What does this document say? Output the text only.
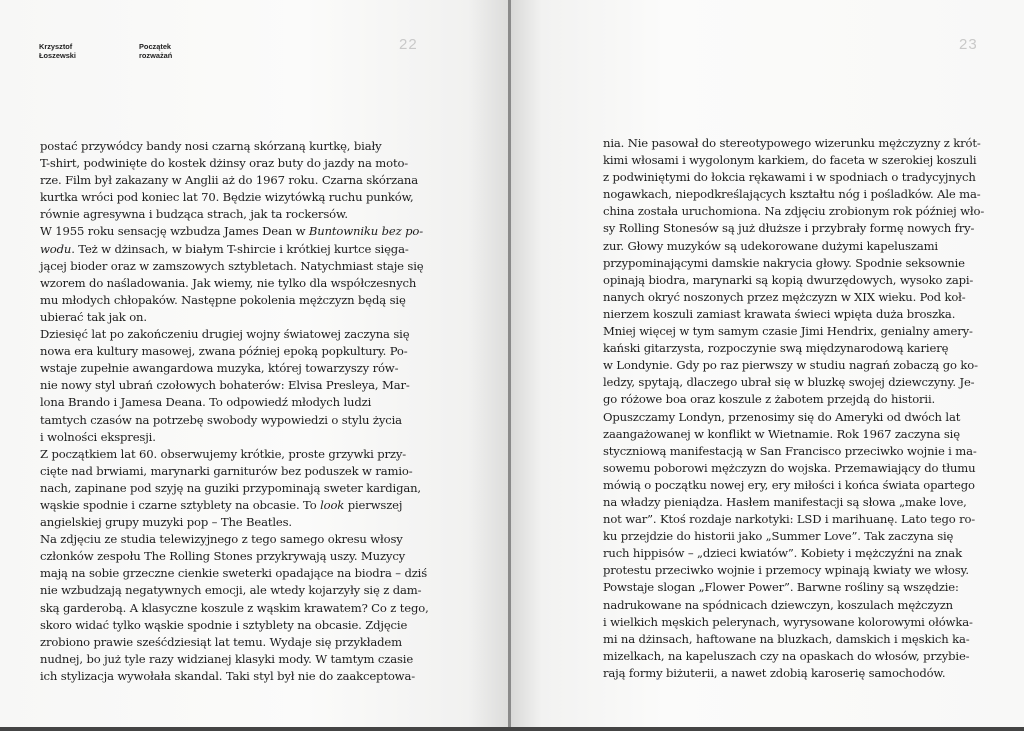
Krzysztof
Łoszewski
Początek
rozważań
22
postać przywódcy bandy nosi czarną skórzaną kurtkę, biały
T-shirt, podwinięte do kostek dżinsy oraz buty do jazdy na moto-
rze. Film był zakazany w Anglii aż do 1967 roku. Czarna skórzana
kurtka wróci pod koniec lat 70. Będzie wizytówką ruchu punków,
równie agresywna i budząca strach, jak ta rockersów.
W 1955 roku sensację wzbudza James Dean w Buntowniku bez po-
wodu. Też w dżinsach, w białym T-shircie i krótkiej kurtce sięga-
jącej bioder oraz w zamszowych sztybletach. Natychmiast staje się
wzorem do naśladowania. Jak wiemy, nie tylko dla współczesnych
mu młodych chłopaków. Następne pokolenia mężczyzn będą się
ubierać tak jak on.
Dziesięć lat po zakończeniu drugiej wojny światowej zaczyna się
nowa era kultury masowej, zwana później epoką popkultury. Po-
wstaje zupełnie awangardowa muzyka, której towarzyszy rów-
nie nowy styl ubrań czołowych bohaterów: Elvisa Presleya, Mar-
lona Brando i Jamesa Deana. To odpowiedź młodych ludzi
tamtych czasów na potrzebę swobody wypowiedzi o stylu życia
i wolności ekspresji.
Z początkiem lat 60. obserwujemy krótkie, proste grzywki przy-
cięte nad brwiami, marynarki garniturów bez poduszek w ramio-
nach, zapinane pod szyję na guziki przypominają sweter kardigan,
wąskie spodnie i czarne sztyblety na obcasie. To look pierwszej
angielskiej grupy muzyki pop – The Beatles.
Na zdjęciu ze studia telewizyjnego z tego samego okresu włosy
członków zespołu The Rolling Stones przykrywają uszy. Muzycy
mają na sobie grzeczne cienkie sweterki opadające na biodra – dziś
nie wzbudzają negatywnych emocji, ale wtedy kojarzyły się z dam-
ską garderobą. A klasyczne koszule z wąskim krawatem? Co z tego,
skoro widać tylko wąskie spodnie i sztyblety na obcasie. Zdjęcie
zrobiono prawie sześćdziesiąt lat temu. Wydaje się przykładem
nudnej, bo już tyle razy widzianej klasyki mody. W tamtym czasie
ich stylizacja wywołała skandal. Taki styl był nie do zaakceptowa-
23
nia. Nie pasował do stereotypowego wizerunku mężczyzny z krót-
kimi włosami i wygolonym karkiem, do faceta w szerokiej koszuli
z podwiniętymi do łokcia rękawami i w spodniach o tradycyjnych
nogawkach, niepodkreślających kształtu nóg i pośladków. Ale ma-
china została uruchomiona. Na zdjęciu zrobionym rok później wło-
sy Rolling Stonesów są już dłuższe i przybrały formę nowych fry-
zur. Głowy muzyków są udekorowane dużymi kapeluszami
przypominającymi damskie nakrycia głowy. Spodnie seksownie
opinają biodra, marynarki są kopią dwurzędowych, wysoko zapi-
nanych okryć noszonych przez mężczyzn w XIX wieku. Pod koł-
nierzem koszuli zamiast krawata świeci wpięta duża broszka.
Mniej więcej w tym samym czasie Jimi Hendrix, genialny amery-
kański gitarzysta, rozpoczynie swą międzynarodową karierę
w Londynie. Gdy po raz pierwszy w studiu nagrań zobaczą go ko-
ledzy, spytają, dlaczego ubrał się w bluzkę swojej dziewczyny. Je-
go różowe boa oraz koszule z żabotem przejdą do historii.
Opuszczamy Londyn, przenosimy się do Ameryki od dwóch lat
zaangażowanej w konflikt w Wietnamie. Rok 1967 zaczyna się
styczniową manifestacją w San Francisco przeciwko wojnie i ma-
sowemu poborowi mężczyzn do wojska. Przemawiający do tłumu
mówią o początku nowej ery, ery miłości i końca świata opartego
na władzy pieniądza. Hasłem manifestacji są słowa „make love,
not war”. Ktoś rozdaje narkotyki: LSD i marihuanę. Lato tego ro-
ku przejdzie do historii jako „Summer Love”. Tak zaczyna się
ruch hippisów – „dzieci kwiatów”. Kobiety i mężczyźni na znak
protestu przeciwko wojnie i przemocy wpinają kwiaty we włosy.
Powstaje slogan „Flower Power”. Barwne rośliny są wszędzie:
nadrukowane na spódnicach dziewczyn, koszulach mężczyzn
i wielkich męskich pelerynach, wyrysowane kolorowymi ołówka-
mi na dżinsach, haftowane na bluzkach, damskich i męskich ka-
mizelkach, na kapeluszach czy na opaskach do włosów, przybie-
rają formy biżuterii, a nawet zdobią karoserię samochodów.
